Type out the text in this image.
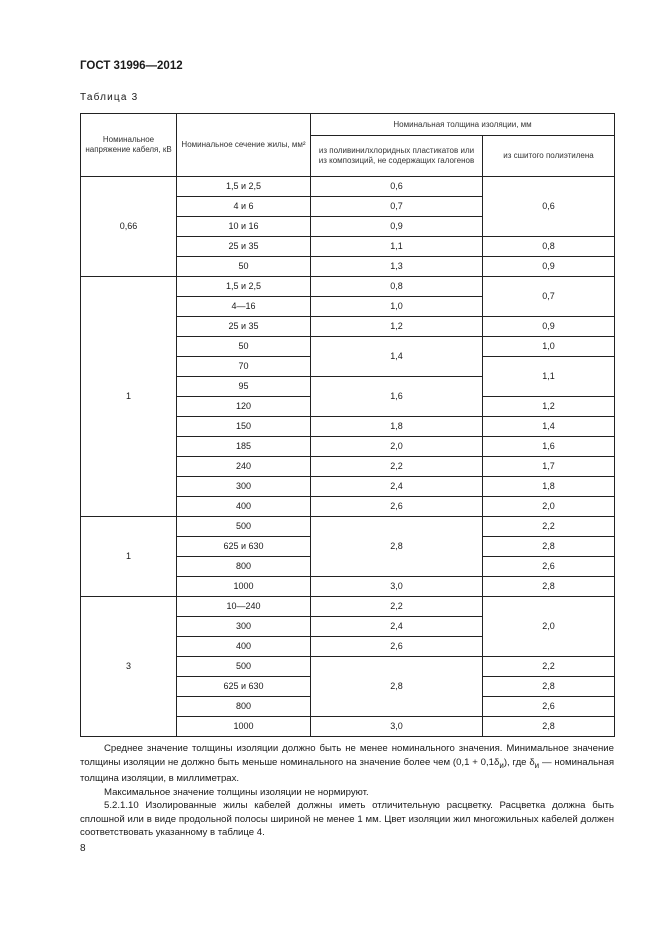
ГОСТ 31996—2012
Таблица 3
Номинальное напряжение кабеля, кВ	Номинальное сечение жилы, мм²	Номинальная толщина изоляции, мм	
		из поливинилхлоридных пластикатов или из композиций, не содержащих галогенов	из сшитого полиэтилена
0,66	1,5 и 2,5	0,6	0,6
	4 и 6	0,7	
	10 и 16	0,9	
	25 и 35	1,1	0,8
	50	1,3	0,9
1	1,5 и 2,5	0,8	0,7
	4—16	1,0	
	25 и 35	1,2	0,9
	50	1,4	1,0
	70		1,1
	95	1,6	
	120		1,2
	150	1,8	1,4
	185	2,0	1,6
	240	2,2	1,7
	300	2,4	1,8
	400	2,6	2,0
1	500	2,8	2,2
	625 и 630		2,8
	800		2,6
	1000	3,0	2,8
3	10—240	2,2	2,0
	300	2,4	
	400	2,6	
	500	2,8	2,2
	625 и 630		2,8
	800		2,6
	1000	3,0	2,8

Среднее значение толщины изоляции должно быть не менее номинального значения. Минимальное значение толщины изоляции не должно быть меньше номинального на значение более чем $(0,1 + 0,1\delta_и)$, где $\delta_и$ — номинальная толщина изоляции, в миллиметрах.

Максимальное значение толщины изоляции не нормируют.

5.2.1.10 Изолированные жилы кабелей должны иметь отличительную расцветку. Расцветка должна быть сплошной или в виде продольной полосы шириной не менее 1 мм. Цвет изоляции жил многожильных кабелей должен соответствовать указанному в таблице 4.

8
